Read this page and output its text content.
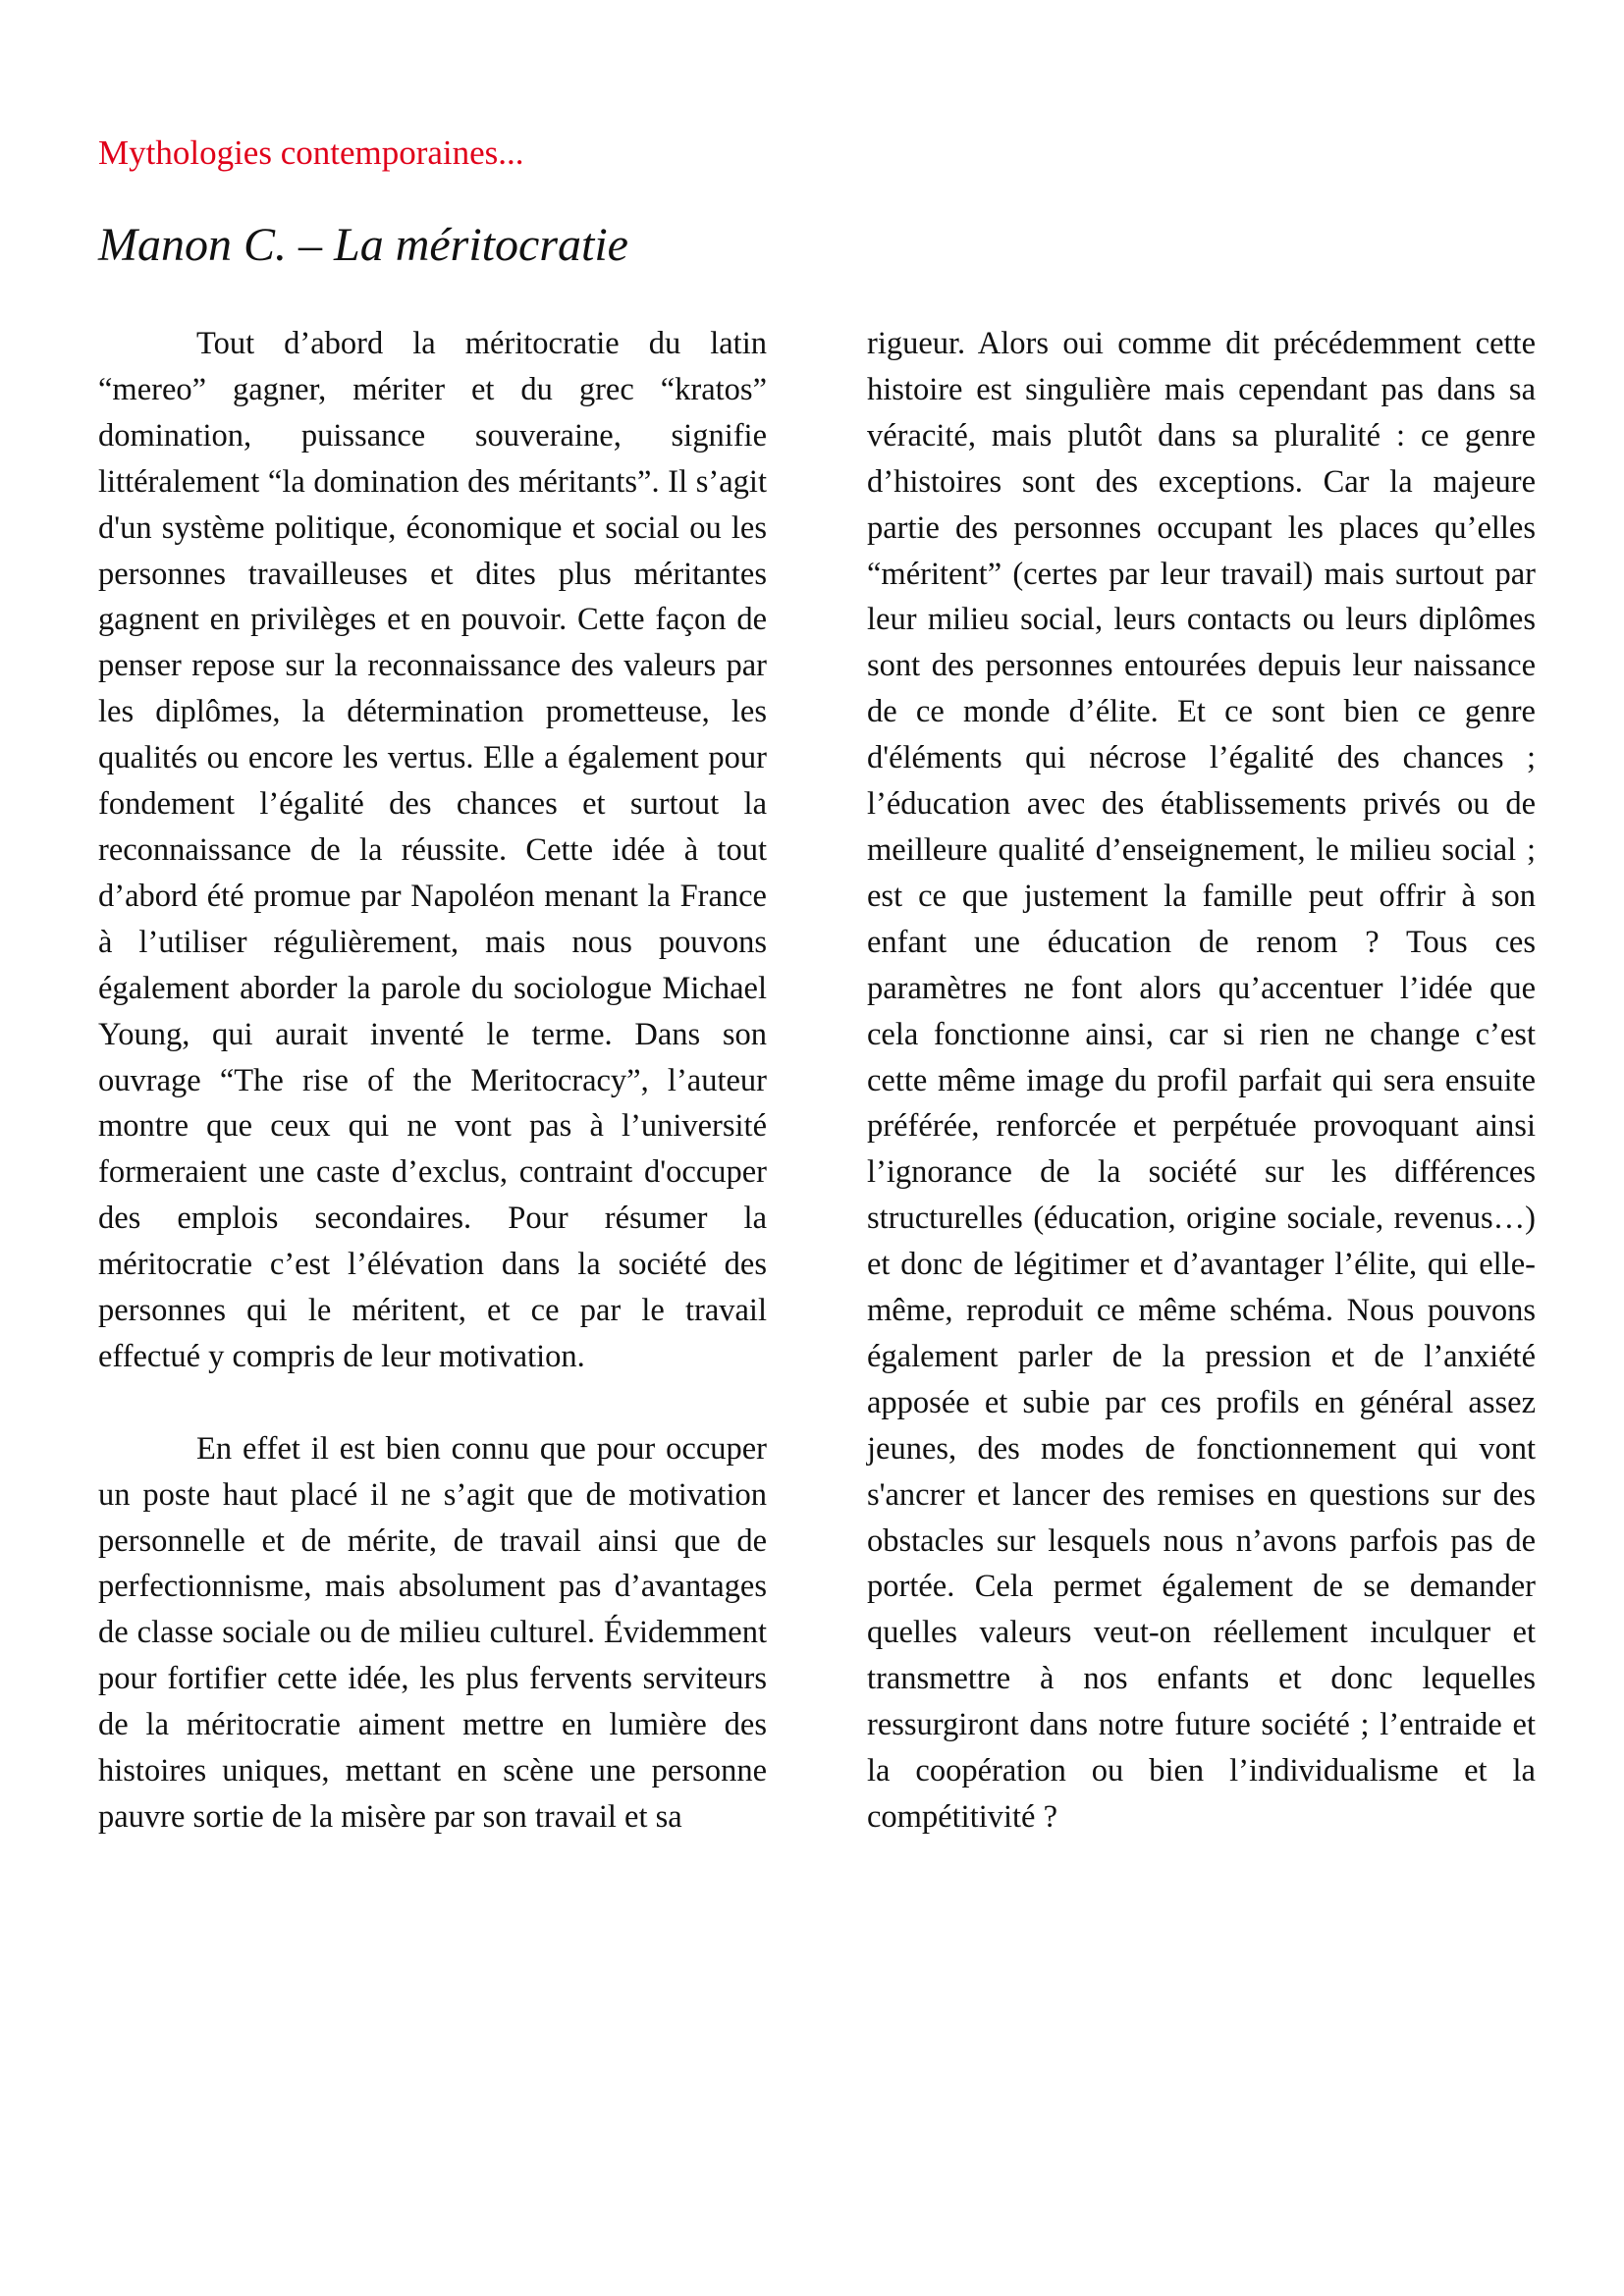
Mythologies contemporaines...
Manon C. – La méritocratie

Tout d’abord la méritocratie du latin “mereo” gagner, mériter et du grec “kratos” domination, puissance souveraine, signifie littéralement “la domination des méritants”. Il s’agit d'un système politique, économique et social ou les personnes travailleuses et dites plus méritantes gagnent en privilèges et en pouvoir. Cette façon de penser repose sur la reconnaissance des valeurs par les diplômes, la détermination prometteuse, les qualités ou encore les vertus. Elle a également pour fondement l’égalité des chances et surtout la reconnaissance de la réussite. Cette idée à tout d’abord été promue par Napoléon menant la France à l’utiliser régulièrement, mais nous pouvons également aborder la parole du sociologue Michael Young, qui aurait inventé le terme. Dans son ouvrage “The rise of the Meritocracy”, l’auteur montre que ceux qui ne vont pas à l’université formeraient une caste d’exclus, contraint d'occuper des emplois secondaires. Pour résumer la méritocratie c’est l’élévation dans la société des personnes qui le méritent, et ce par le travail effectué y compris de leur motivation.

En effet il est bien connu que pour occuper un poste haut placé il ne s’agit que de motivation personnelle et de mérite, de travail ainsi que de perfectionnisme, mais absolument pas d’avantages de classe sociale ou de milieu culturel. Évidemment pour fortifier cette idée, les plus fervents serviteurs de la méritocratie aiment mettre en lumière des histoires uniques, mettant en scène une personne pauvre sortie de la misère par son travail et sa

rigueur. Alors oui comme dit précédemment cette histoire est singulière mais cependant pas dans sa véracité, mais plutôt dans sa pluralité : ce genre d’histoires sont des exceptions. Car la majeure partie des personnes occupant les places qu’elles “méritent” (certes par leur travail) mais surtout par leur milieu social, leurs contacts ou leurs diplômes sont des personnes entourées depuis leur naissance de ce monde d’élite. Et ce sont bien ce genre d'éléments qui nécrose l’égalité des chances ; l’éducation avec des établissements privés ou de meilleure qualité d’enseignement, le milieu social ; est ce que justement la famille peut offrir à son enfant une éducation de renom ? Tous ces paramètres ne font alors qu’accentuer l’idée que cela fonctionne ainsi, car si rien ne change c’est cette même image du profil parfait qui sera ensuite préférée, renforcée et perpétuée provoquant ainsi l’ignorance de la société sur les différences structurelles (éducation, origine sociale, revenus…) et donc de légitimer et d’avantager l’élite, qui elle-même, reproduit ce même schéma. Nous pouvons également parler de la pression et de l’anxiété apposée et subie par ces profils en général assez jeunes, des modes de fonctionnement qui vont s'ancrer et lancer des remises en questions sur des obstacles sur lesquels nous n’avons parfois pas de portée. Cela permet également de se demander quelles valeurs veut-on réellement inculquer et transmettre à nos enfants et donc lequelles ressurgiront dans notre future société ; l’entraide et la coopération ou bien l’individualisme et la compétitivité ?
